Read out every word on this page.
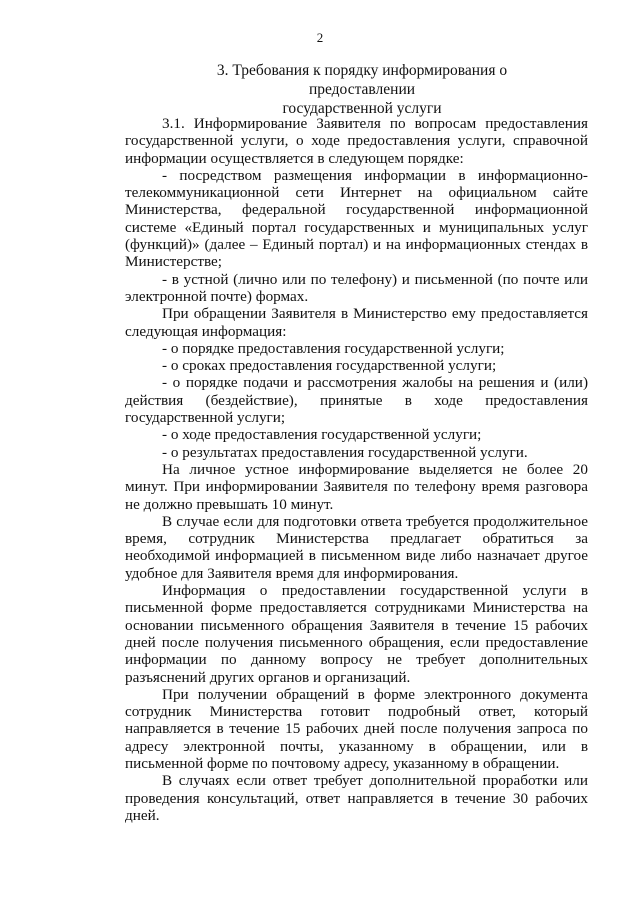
2
3. Требования к порядку информирования о предоставлении
государственной услуги

3.1. Информирование Заявителя по вопросам предоставления государственной услуги, о ходе предоставления услуги, справочной информации осуществляется в следующем порядке:

- посредством размещения информации в информационно-телекоммуникационной сети Интернет на официальном сайте Министерства, федеральной государственной информационной системе «Единый портал государственных и муниципальных услуг (функций)» (далее – Единый портал) и на информационных стендах в Министерстве;

- в устной (лично или по телефону) и письменной (по почте или электронной почте) формах.

При обращении Заявителя в Министерство ему предоставляется следующая информация:

- о порядке предоставления государственной услуги;

- о сроках предоставления государственной услуги;

- о порядке подачи и рассмотрения жалобы на решения и (или) действия (бездействие), принятые в ходе предоставления государственной услуги;

- о ходе предоставления государственной услуги;

- о результатах предоставления государственной услуги.

На личное устное информирование выделяется не более 20 минут. При информировании Заявителя по телефону время разговора не должно превышать 10 минут.

В случае если для подготовки ответа требуется продолжительное время, сотрудник Министерства предлагает обратиться за необходимой информацией в письменном виде либо назначает другое удобное для Заявителя время для информирования.

Информация о предоставлении государственной услуги в письменной форме предоставляется сотрудниками Министерства на основании письменного обращения Заявителя в течение 15 рабочих дней после получения письменного обращения, если предоставление информации по данному вопросу не требует дополнительных разъяснений других органов и организаций.

При получении обращений в форме электронного документа сотрудник Министерства готовит подробный ответ, который направляется в течение 15 рабочих дней после получения запроса по адресу электронной почты, указанному в обращении, или в письменной форме по почтовому адресу, указанному в обращении.

В случаях если ответ требует дополнительной проработки или проведения консультаций, ответ направляется в течение 30 рабочих дней.
